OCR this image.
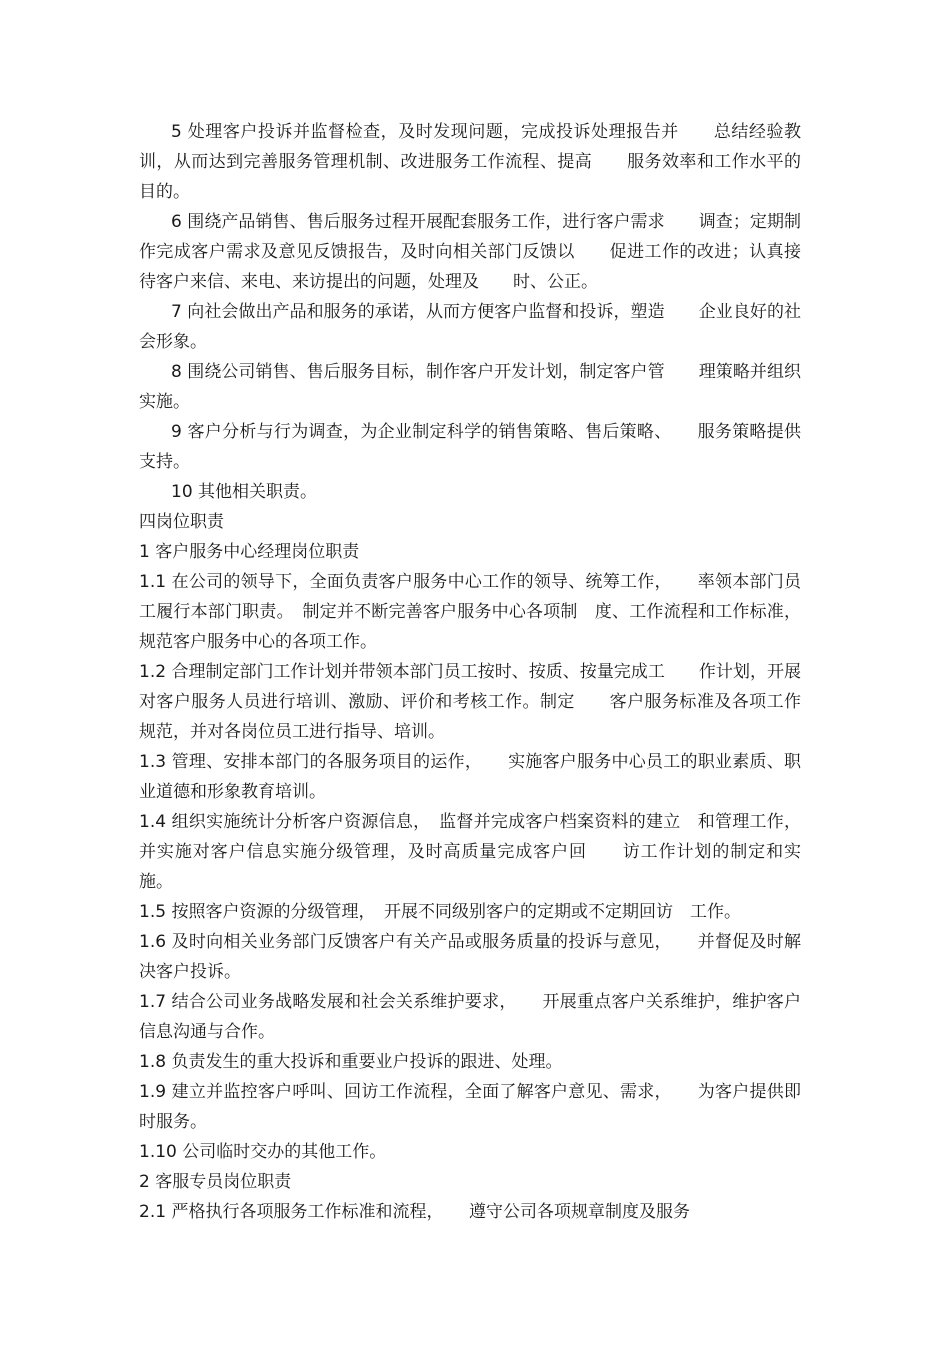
5 处理客户投诉并监督检查，及时发现问题，完成投诉处理报告并　　总结经验教训，从而达到完善服务管理机制、改进服务工作流程、提高　　服务效率和工作水平的目的。

6 围绕产品销售、售后服务过程开展配套服务工作，进行客户需求　　调查；定期制作完成客户需求及意见反馈报告，及时向相关部门反馈以　　促进工作的改进；认真接待客户来信、来电、来访提出的问题，处理及　　时、公正。

7 向社会做出产品和服务的承诺，从而方便客户监督和投诉，塑造　　企业良好的社会形象。

8 围绕公司销售、售后服务目标，制作客户开发计划，制定客户管　　理策略并组织实施。

9 客户分析与行为调查，为企业制定科学的销售策略、售后策略、　　服务策略提供支持。

10 其他相关职责。

四岗位职责

1 客户服务中心经理岗位职责

1.1 在公司的领导下，全面负责客户服务中心工作的领导、统筹工作，　　率领本部门员工履行本部门职责。　制定并不断完善客户服务中心各项制　度、工作流程和工作标准，规范客户服务中心的各项工作。

1.2 合理制定部门工作计划并带领本部门员工按时、按质、按量完成工　　作计划，开展对客户服务人员进行培训、激励、评价和考核工作。制定　　客户服务标准及各项工作规范，并对各岗位员工进行指导、培训。

1.3 管理、安排本部门的各服务项目的运作，　　实施客户服务中心员工的职业素质、职业道德和形象教育培训。

1.4 组织实施统计分析客户资源信息，　监督并完成客户档案资料的建立　和管理工作，并实施对客户信息实施分级管理，及时高质量完成客户回　　访工作计划的制定和实施。

1.5 按照客户资源的分级管理，　开展不同级别客户的定期或不定期回访　工作。

1.6 及时向相关业务部门反馈客户有关产品或服务质量的投诉与意见，　　并督促及时解决客户投诉。

1.7 结合公司业务战略发展和社会关系维护要求，　　开展重点客户关系维护，维护客户信息沟通与合作。

1.8 负责发生的重大投诉和重要业户投诉的跟进、处理。

1.9 建立并监控客户呼叫、回访工作流程，全面了解客户意见、需求，　　为客户提供即时服务。

1.10 公司临时交办的其他工作。

2 客服专员岗位职责

2.1 严格执行各项服务工作标准和流程，　　遵守公司各项规章制度及服务
